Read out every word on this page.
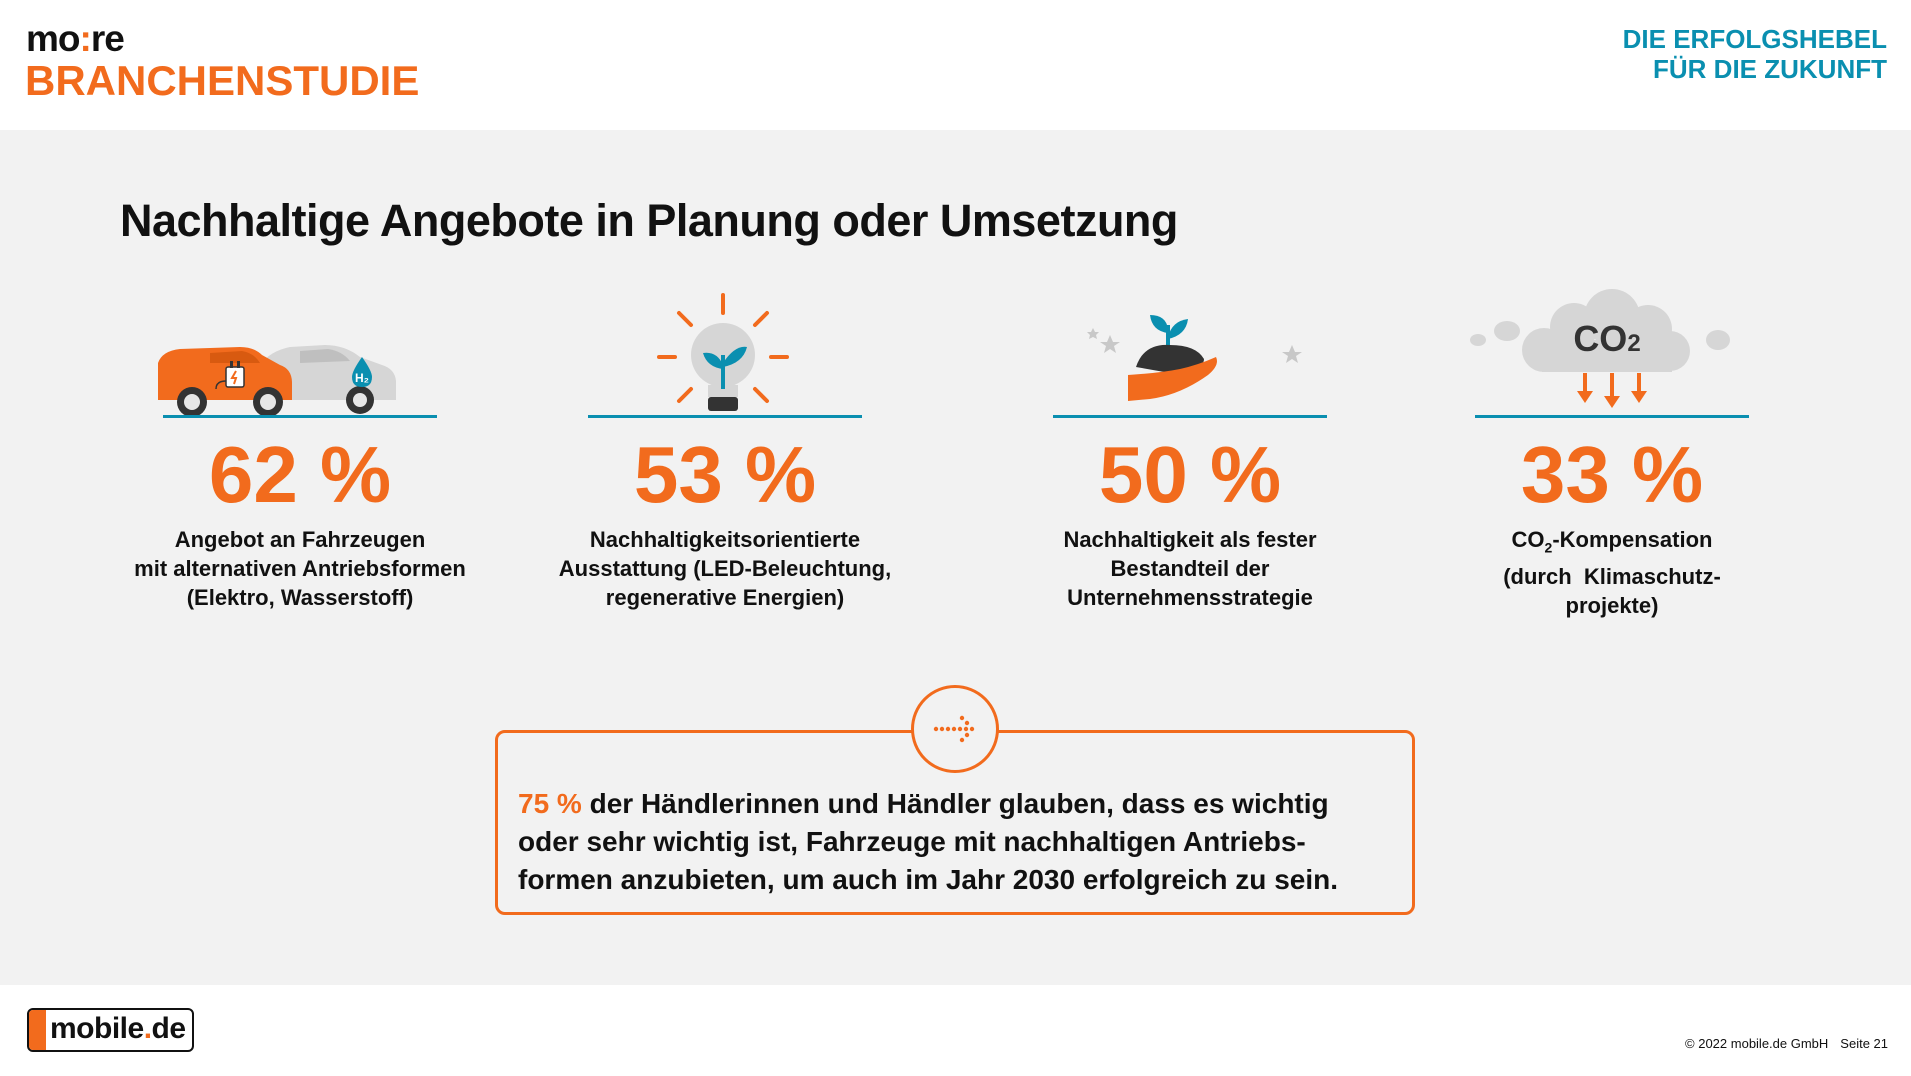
mo:re
BRANCHENSTUDIE
DIE ERFOLGSHEBEL
FÜR DIE ZUKUNFT
Nachhaltige Angebote in Planung oder Umsetzung
H₂
62 %
Angebot an Fahrzeugen
mit alternativen Antriebsformen
(Elektro, Wasserstoff)
53 %
Nachhaltigkeitsorientierte
Ausstattung (LED-Beleuchtung,
regenerative Energien)
50 %
Nachhaltigkeit als fester
Bestandteil der
Unternehmensstrategie
CO2
33 %
$CO_2$-Kompensation
(durch  Klimaschutz-
projekte)
75 % der Händlerinnen und Händler glauben, dass es wichtig
oder sehr wichtig ist, Fahrzeuge mit nachhaltigen Antriebs-
formen anzubieten, um auch im Jahr 2030 erfolgreich zu sein.
mobile.de	© 2022 mobile.de GmbH Seite 21
